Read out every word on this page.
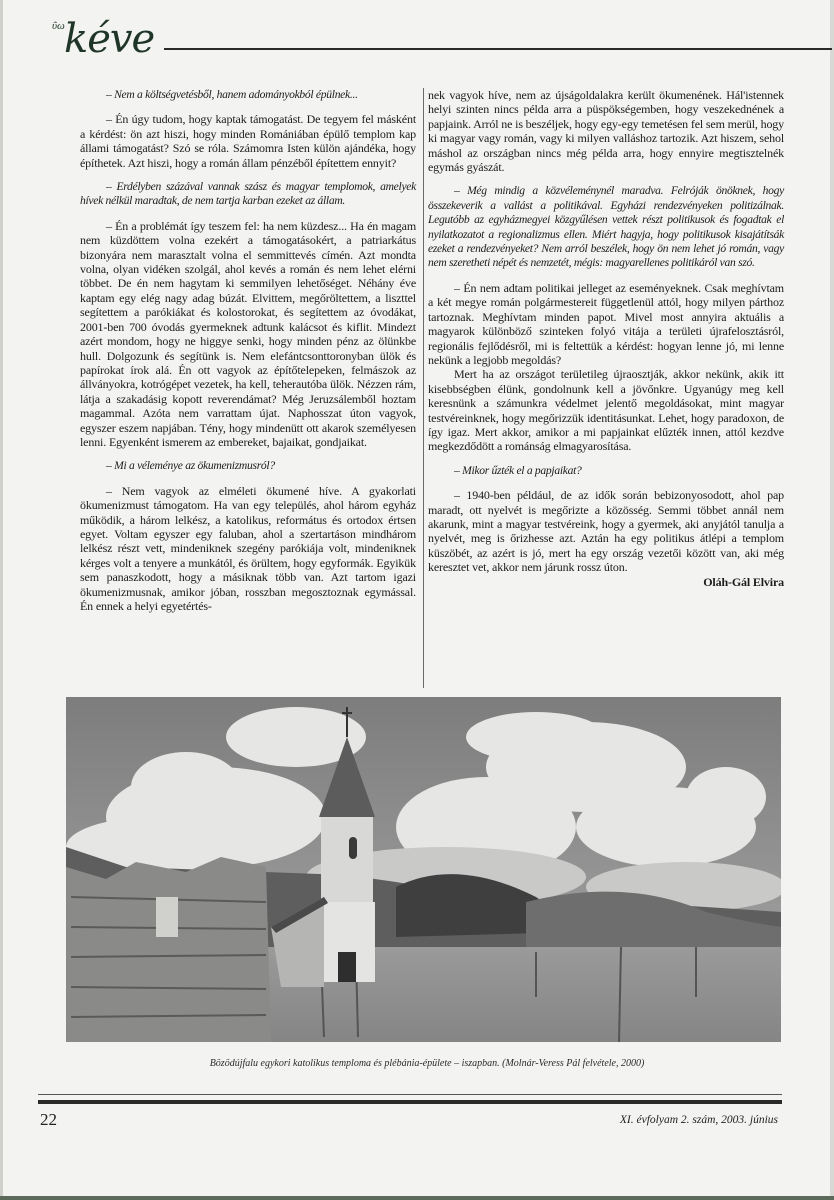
ΰω kéve

– Nem a költségvetésből, hanem adományokból épülnek...

– Én úgy tudom, hogy kaptak támogatást. De tegyem fel másként a kérdést: ön azt hiszi, hogy minden Romániában épülő templom kap állami támogatást? Szó se róla. Számomra Isten külön ajándéka, hogy építhetek. Azt hiszi, hogy a román állam pénzéből építettem ennyit?

– Erdélyben százával vannak szász és magyar templomok, amelyek hívek nélkül maradtak, de nem tartja karban ezeket az állam.

– Én a problémát így teszem fel: ha nem küzdesz... Ha én magam nem küzdöttem volna ezekért a támogatásokért, a patriarkátus bizonyára nem marasztalt volna el semmittevés címén. Azt mondta volna, olyan vidéken szolgál, ahol kevés a román és nem lehet elérni többet. De én nem hagytam ki semmilyen lehetőséget. Néhány éve kaptam egy elég nagy adag búzát. Elvittem, megőröltettem, a liszttel segítettem a parókiákat és kolostorokat, és segítettem az óvodákat, 2001-ben 700 óvodás gyermeknek adtunk kalácsot és kiflit. Mindezt azért mondom, hogy ne higgye senki, hogy minden pénz az ölünkbe hull. Dolgozunk és segítünk is. Nem elefántcsonttoronyban ülök és papírokat írok alá. Én ott vagyok az építőtelepeken, felmászok az állványokra, kotrógépet vezetek, ha kell, teherautóba ülök. Nézzen rám, látja a szakadásig kopott reverendámat? Még Jeruzsálemből hoztam magammal. Azóta nem varrattam újat. Naphosszat úton vagyok, egyszer eszem napjában. Tény, hogy mindenütt ott akarok személyesen lenni. Egyenként ismerem az embereket, bajaikat, gondjaikat.

– Mi a véleménye az ökumenizmusról?

– Nem vagyok az elméleti ökumené híve. A gyakorlati ökumenizmust támogatom. Ha van egy település, ahol három egyház működik, a három lelkész, a katolikus, református és ortodox értsen egyet. Voltam egyszer egy faluban, ahol a szertartáson mindhárom lelkész részt vett, mindeniknek szegény parókiája volt, mindeniknek kérges volt a tenyere a munkától, és örültem, hogy egyformák. Egyikük sem panaszkodott, hogy a másiknak több van. Azt tartom igazi ökumenizmusnak, amikor jóban, rosszban megosztoznak egymással. Én ennek a helyi egyetértés-

nek vagyok híve, nem az újságoldalakra került ökumenének. Hál'istennek helyi szinten nincs példa arra a püspökségemben, hogy veszekednének a papjaink. Arról ne is beszéljek, hogy egy-egy temetésen fel sem merül, hogy ki magyar vagy román, vagy ki milyen valláshoz tartozik. Azt hiszem, sehol máshol az országban nincs még példa arra, hogy ennyire megtisztelnék egymás gyászát.

– Még mindig a közvéleménynél maradva. Felróják önöknek, hogy összekeverik a vallást a politikával. Egyházi rendezvényeken politizálnak. Legutóbb az egyházmegyei közgyűlésen vettek részt politikusok és fogadtak el nyilatkozatot a regionalizmus ellen. Miért hagyja, hogy politikusok kisajátítsák ezeket a rendezvényeket? Nem arról beszélek, hogy ön nem lehet jó román, vagy nem szeretheti népét és nemzetét, mégis: magyarellenes politikáról van szó.

– Én nem adtam politikai jelleget az eseményeknek. Csak meghívtam a két megye román polgármestereit függetlenül attól, hogy milyen párthoz tartoznak. Meghívtam minden papot. Mivel most annyira aktuális a magyarok különböző szinteken folyó vitája a területi újrafelosztásról, regionális fejlődésről, mi is feltettük a kérdést: hogyan lenne jó, mi lenne nekünk a legjobb megoldás?

Mert ha az országot területileg újraosztják, akkor nekünk, akik itt kisebbségben élünk, gondolnunk kell a jövőnkre. Ugyanúgy meg kell keresnünk a számunkra védelmet jelentő megoldásokat, mint magyar testvéreinknek, hogy megőrizzük identitásunkat. Lehet, hogy paradoxon, de így igaz. Mert akkor, amikor a mi papjainkat elűzték innen, attól kezdve megkezdődött a románság elmagyarosítása.

– Mikor űzték el a papjaikat?

– 1940-ben például, de az idők során bebizonyosodott, ahol pap maradt, ott nyelvét is megőrizte a közösség. Semmi többet annál nem akarunk, mint a magyar testvéreink, hogy a gyermek, aki anyjától tanulja a nyelvét, meg is őrizhesse azt. Aztán ha egy politikus átlépi a templom küszöbét, az azért is jó, mert ha egy ország vezetői között van, aki még keresztet vet, akkor nem járunk rossz úton.

Oláh-Gál Elvira

Bözödújfalu egykori katolikus temploma és plébánia-épülete – iszapban. (Molnár-Veress Pál felvétele, 2000)
22	XI. évfolyam 2. szám, 2003. június
